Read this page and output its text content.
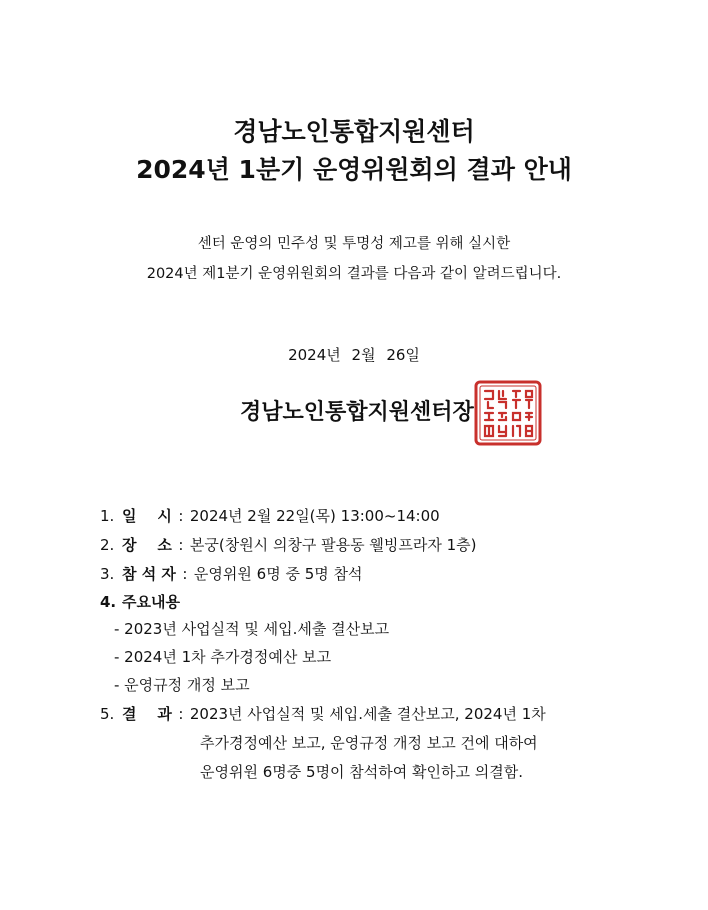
경남노인통합지원센터
2024년 1분기 운영위원회의 결과 안내
센터 운영의 민주성 및 투명성 제고를 위해 실시한
2024년 제1분기 운영위원회의 결과를 다음과 같이 알려드립니다.
2024년 2월 26일
경남노인통합지원센터장
1. 일    시 : 2024년 2월 22일(목) 13:00~14:00
2. 장    소 : 본궁(창원시 의창구 팔용동 웰빙프라자 1층)
3. 참 석 자 : 운영위원 6명 중 5명 참석
4. 주요내용
- 2023년 사업실적 및 세입.세출 결산보고
- 2024년 1차 추가경정예산 보고
- 운영규정 개정 보고
5. 결    과 : 2023년 사업실적 및 세입.세출 결산보고, 2024년 1차
추가경정예산 보고, 운영규정 개정 보고 건에 대하여
운영위원 6명중 5명이 참석하여 확인하고 의결함.
